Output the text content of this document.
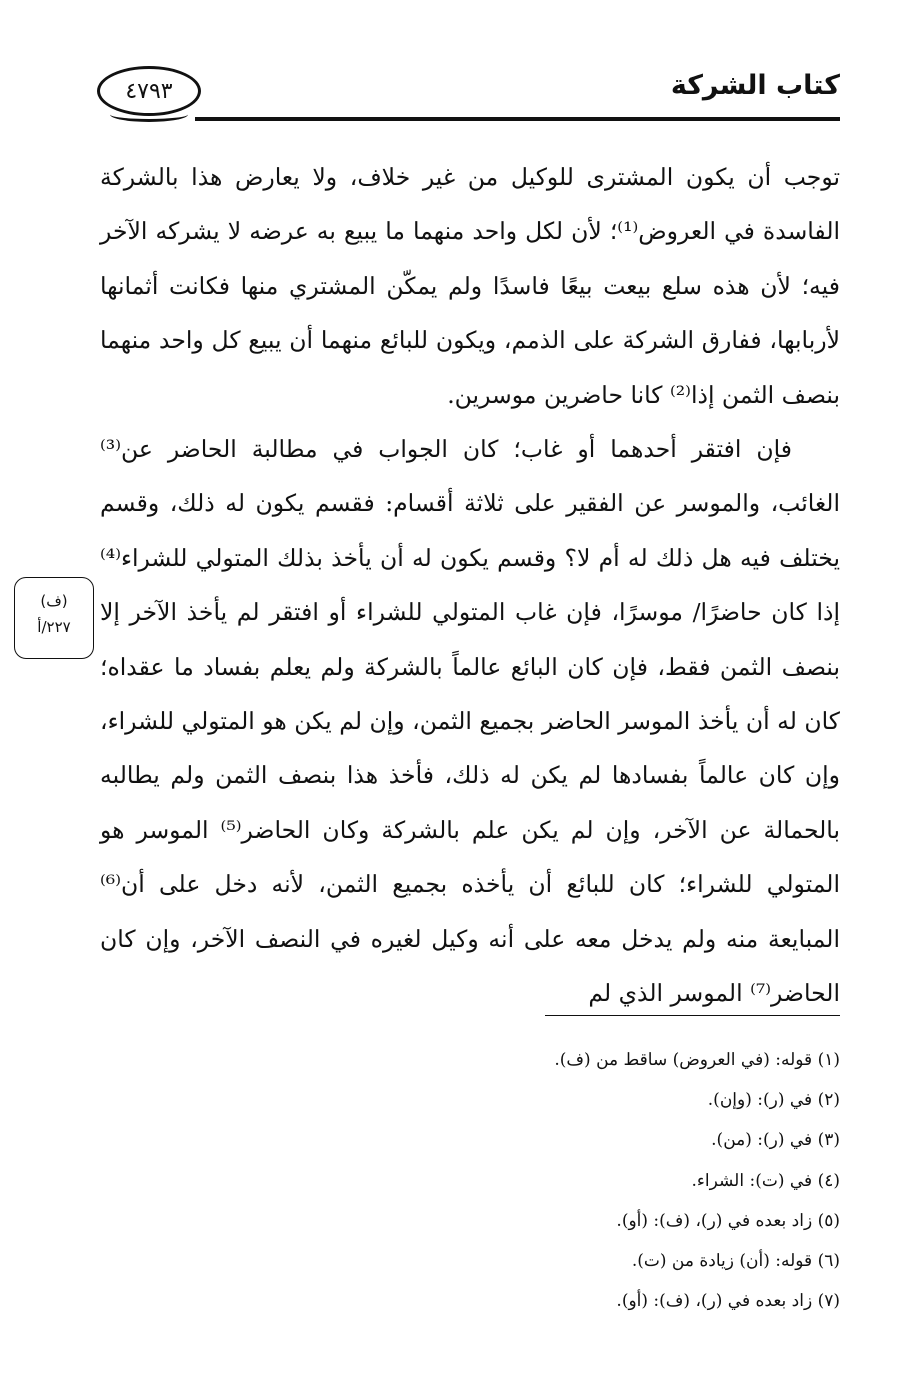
كتاب الشركة
٤٧٩٣

توجب أن يكون المشترى للوكيل من غير خلاف، ولا يعارض هذا بالشركة الفاسدة في العروض⁽¹⁾؛ لأن لكل واحد منهما ما يبيع به عرضه لا يشركه الآخر فيه؛ لأن هذه سلع بيعت بيعًا فاسدًا ولم يمكّن المشتري منها فكانت أثمانها لأربابها، ففارق الشركة على الذمم، ويكون للبائع منهما أن يبيع كل واحد منهما بنصف الثمن إذا⁽²⁾ كانا حاضرين موسرين.

فإن افتقر أحدهما أو غاب؛ كان الجواب في مطالبة الحاضر عن⁽³⁾ الغائب، والموسر عن الفقير على ثلاثة أقسام: فقسم يكون له ذلك، وقسم يختلف فيه هل ذلك له أم لا؟ وقسم يكون له أن يأخذ بذلك المتولي للشراء⁽⁴⁾ إذا كان حاضرًا/ موسرًا، فإن غاب المتولي للشراء أو افتقر لم يأخذ الآخر إلا بنصف الثمن فقط، فإن كان البائع عالماً بالشركة ولم يعلم بفساد ما عقداه؛ كان له أن يأخذ الموسر الحاضر بجميع الثمن، وإن لم يكن هو المتولي للشراء، وإن كان عالماً بفسادها لم يكن له ذلك، فأخذ هذا بنصف الثمن ولم يطالبه بالحمالة عن الآخر، وإن لم يكن علم بالشركة وكان الحاضر⁽⁵⁾ الموسر هو المتولي للشراء؛ كان للبائع أن يأخذه بجميع الثمن، لأنه دخل على أن⁽⁶⁾ المبايعة منه ولم يدخل معه على أنه وكيل لغيره في النصف الآخر، وإن كان الحاضر⁽⁷⁾ الموسر الذي لم

(ف)
٢٢٧/أ
(١) قوله: (في العروض) ساقط من (ف).
(٢) في (ر): (وإن).
(٣) في (ر): (من).
(٤) في (ت): الشراء.
(٥) زاد بعده في (ر)، (ف): (أو).
(٦) قوله: (أن) زيادة من (ت).
(٧) زاد بعده في (ر)، (ف): (أو).
